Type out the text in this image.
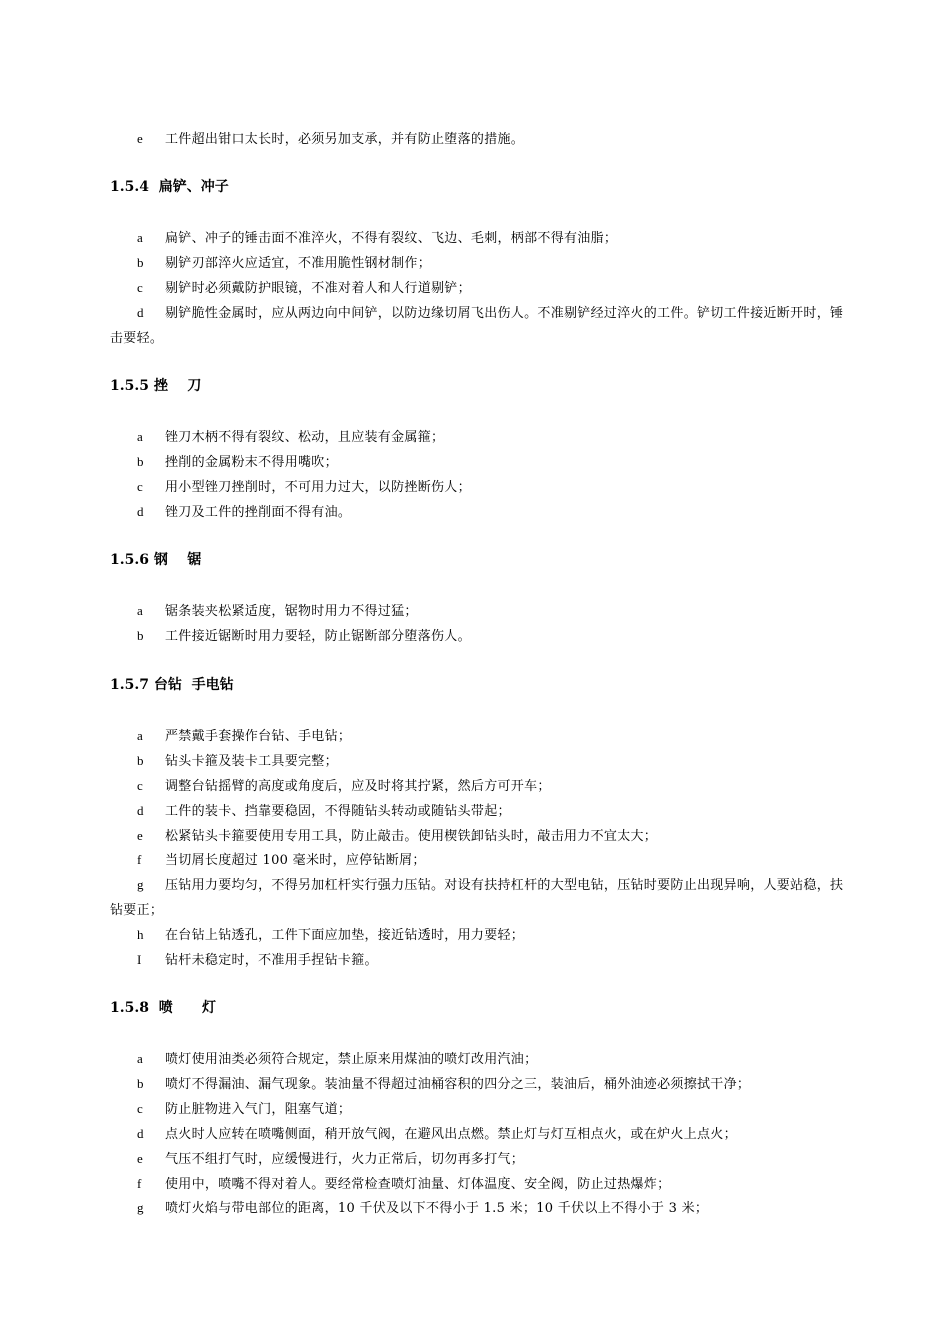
e 工件超出钳口太长时，必须另加支承，并有防止堕落的措施。

1.5.4  扁铲、冲子

a 扁铲、冲子的锤击面不准淬火，不得有裂纹、飞边、毛刺，柄部不得有油脂；

b 剔铲刃部淬火应适宜，不准用脆性钢材制作；

c 剔铲时必须戴防护眼镜，不准对着人和人行道剔铲；

d 剔铲脆性金属时，应从两边向中间铲，以防边缘切屑飞出伤人。不准剔铲经过淬火的工件。铲切工件接近断开时，锤击要轻。

1.5.5 挫    刀

a 锉刀木柄不得有裂纹、松动，且应装有金属箍；

b 挫削的金属粉末不得用嘴吹；

c 用小型锉刀挫削时，不可用力过大，以防挫断伤人；

d 锉刀及工件的挫削面不得有油。

1.5.6 钢    锯

a 锯条装夹松紧适度，锯物时用力不得过猛；

b 工件接近锯断时用力要轻，防止锯断部分堕落伤人。

1.5.7 台钻  手电钻

a 严禁戴手套操作台钻、手电钻；

b 钻头卡箍及装卡工具要完整；

c 调整台钻摇臂的高度或角度后，应及时将其拧紧，然后方可开车；

d 工件的装卡、挡靠要稳固，不得随钻头转动或随钻头带起；

e 松紧钻头卡箍要使用专用工具，防止敲击。使用楔铁卸钻头时，敲击用力不宜太大；

f 当切屑长度超过 100 毫米时，应停钻断屑；

g 压钻用力要均匀，不得另加杠杆实行强力压钻。对设有扶持杠杆的大型电钻，压钻时要防止出现异响，人要站稳，扶钻要正；

h 在台钻上钻透孔，工件下面应加垫，接近钻透时，用力要轻；

I 钻杆未稳定时，不准用手捏钻卡箍。

1.5.8  喷      灯

a 喷灯使用油类必须符合规定，禁止原来用煤油的喷灯改用汽油；

b 喷灯不得漏油、漏气现象。装油量不得超过油桶容积的四分之三，装油后，桶外油迹必须擦拭干净；

c 防止脏物进入气门，阻塞气道；

d 点火时人应转在喷嘴侧面，稍开放气阀，在避风出点燃。禁止灯与灯互相点火，或在炉火上点火；

e 气压不组打气时，应缓慢进行，火力正常后，切勿再多打气；

f 使用中，喷嘴不得对着人。要经常检查喷灯油量、灯体温度、安全阀，防止过热爆炸；

g 喷灯火焰与带电部位的距离，10 千伏及以下不得小于 1.5 米；10 千伏以上不得小于 3 米；
